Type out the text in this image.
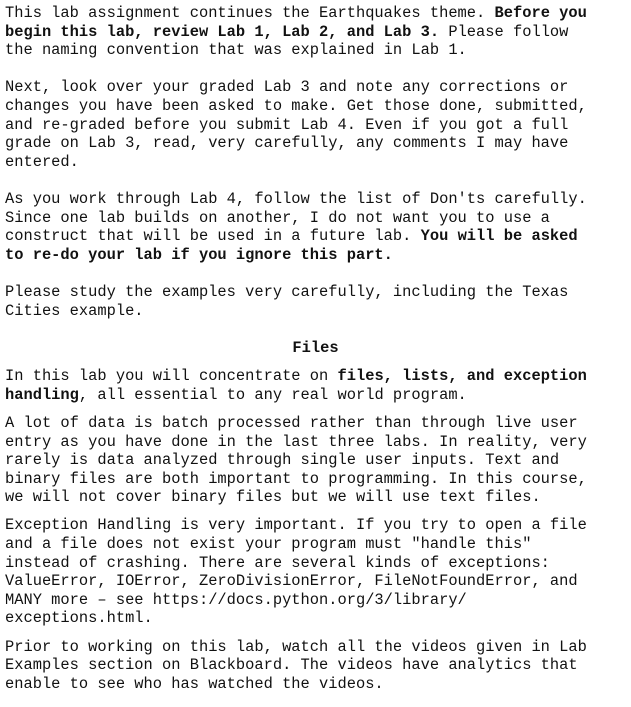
This lab assignment continues the Earthquakes theme. Before you
begin this lab, review Lab 1, Lab 2, and Lab 3. Please follow
the naming convention that was explained in Lab 1.

Next, look over your graded Lab 3 and note any corrections or
changes you have been asked to make. Get those done, submitted,
and re-graded before you submit Lab 4. Even if you got a full
grade on Lab 3, read, very carefully, any comments I may have
entered.

As you work through Lab 4, follow the list of Don'ts carefully.
Since one lab builds on another, I do not want you to use a
construct that will be used in a future lab. You will be asked
to re-do your lab if you ignore this part.

Please study the examples very carefully, including the Texas
Cities example.

Files

In this lab you will concentrate on files, lists, and exception
handling, all essential to any real world program.

A lot of data is batch processed rather than through live user
entry as you have done in the last three labs. In reality, very
rarely is data analyzed through single user inputs. Text and
binary files are both important to programming. In this course,
we will not cover binary files but we will use text files.

Exception Handling is very important. If you try to open a file
and a file does not exist your program must "handle this"
instead of crashing. There are several kinds of exceptions:
ValueError, IOError, ZeroDivisionError, FileNotFoundError, and
MANY more – see https://docs.python.org/3/library/
exceptions.html.

Prior to working on this lab, watch all the videos given in Lab
Examples section on Blackboard. The videos have analytics that
enable to see who has watched the videos.
